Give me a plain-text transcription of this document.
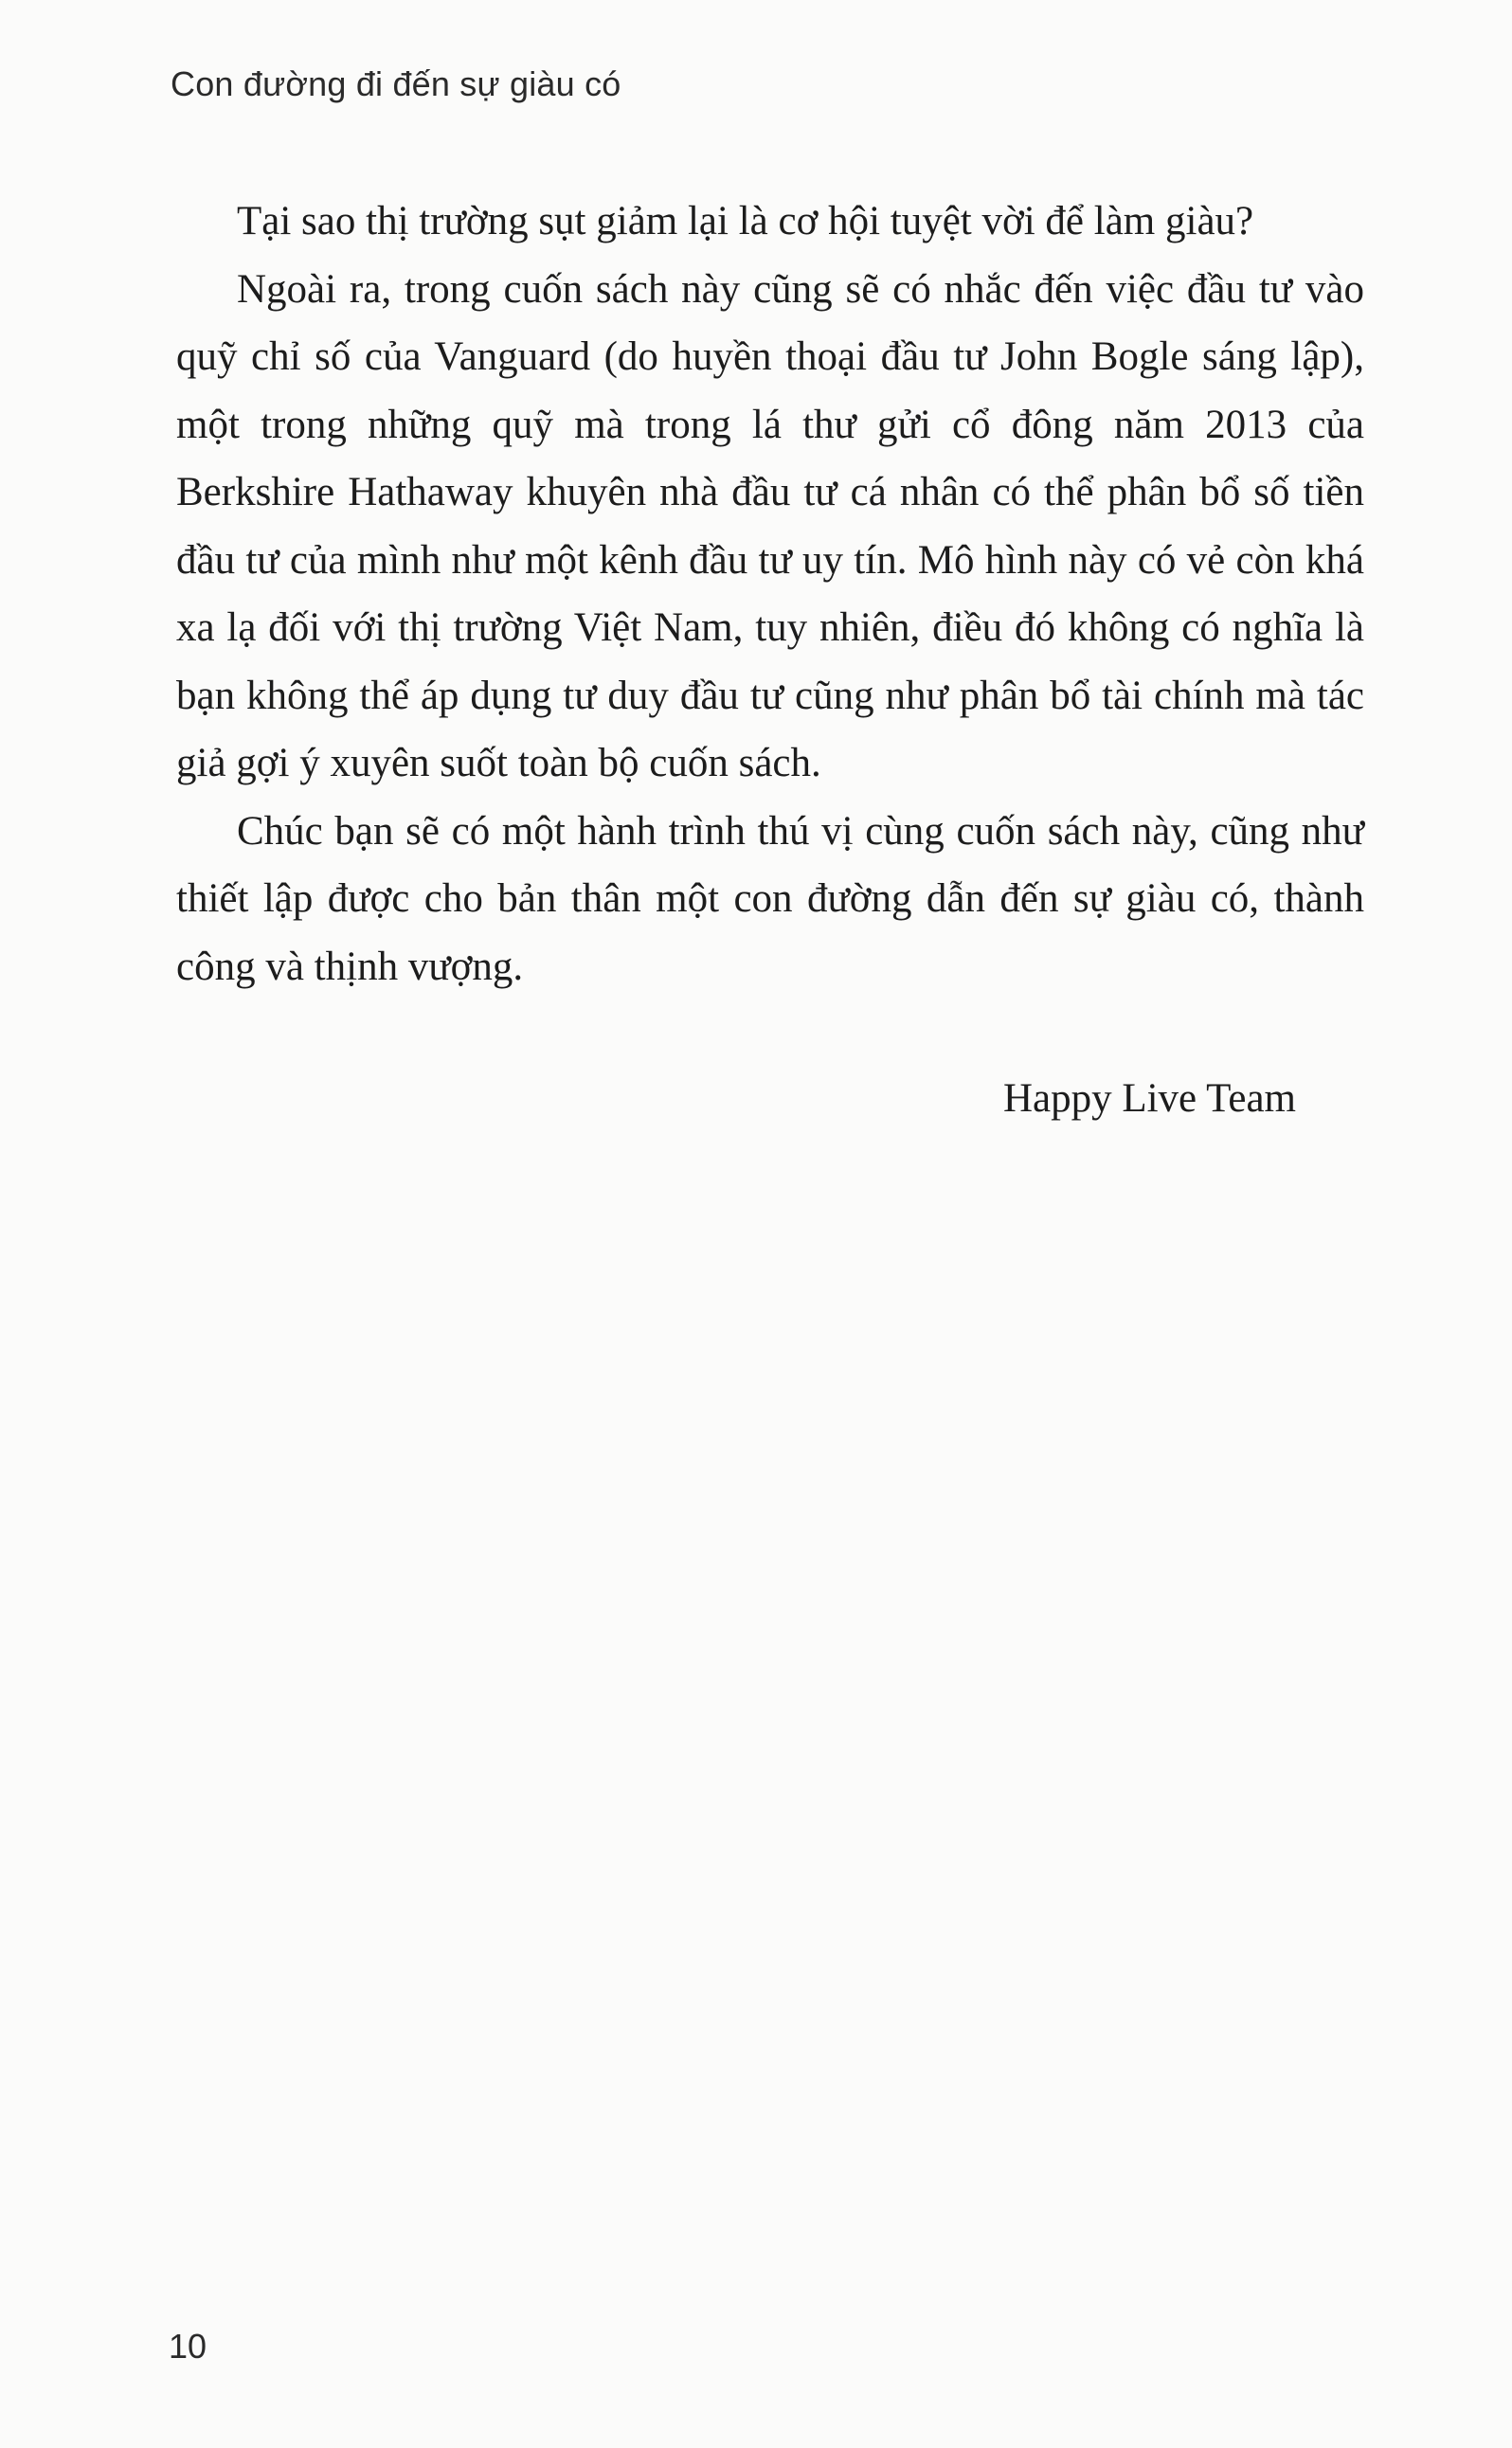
Con đường đi đến sự giàu có

Tại sao thị trường sụt giảm lại là cơ hội tuyệt vời để làm giàu?

Ngoài ra, trong cuốn sách này cũng sẽ có nhắc đến việc đầu tư vào quỹ chỉ số của Vanguard (do huyền thoại đầu tư John Bogle sáng lập), một trong những quỹ mà trong lá thư gửi cổ đông năm 2013 của Berkshire Hathaway khuyên nhà đầu tư cá nhân có thể phân bổ số tiền đầu tư của mình như một kênh đầu tư uy tín. Mô hình này có vẻ còn khá xa lạ đối với thị trường Việt Nam, tuy nhiên, điều đó không có nghĩa là bạn không thể áp dụng tư duy đầu tư cũng như phân bổ tài chính mà tác giả gợi ý xuyên suốt toàn bộ cuốn sách.

Chúc bạn sẽ có một hành trình thú vị cùng cuốn sách này, cũng như thiết lập được cho bản thân một con đường dẫn đến sự giàu có, thành công và thịnh vượng.

Happy Live Team
10
